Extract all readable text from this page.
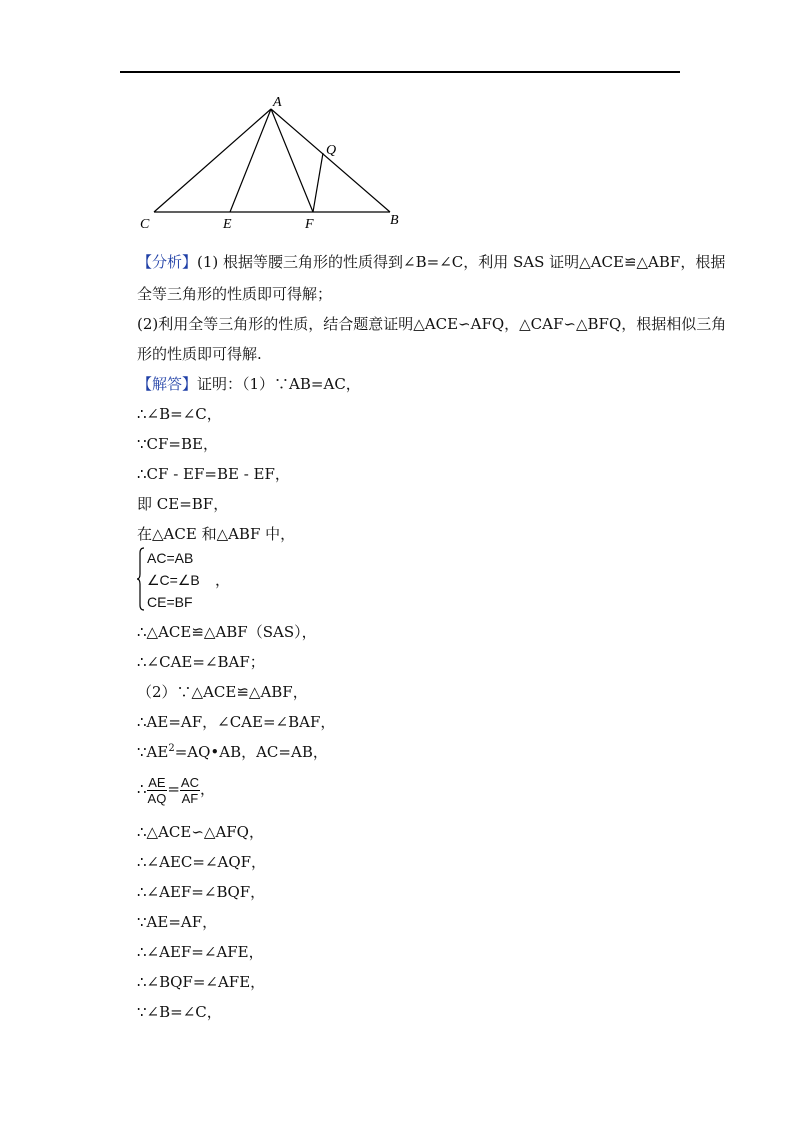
A
Q
C	E	F	B
【分析】(1) 根据等腰三角形的性质得到∠B=∠C，利用 SAS 证明△ACE≌△ABF，根据
全等三角形的性质即可得解；
(2)利用全等三角形的性质，结合题意证明△ACE∽AFQ，△CAF∽△BFQ，根据相似三角
形的性质即可得解.
【解答】证明：（1）∵AB=AC，
∴∠B=∠C，
∵CF=BE，
∴CF - EF=BE - EF，
即 CE=BF，
在△ACE 和△ABF 中，
AC=AB
∠C=∠B
CE=BF
，
∴△ACE≌△ABF（SAS），
∴∠CAE=∠BAF；
（2）∵△ACE≌△ABF，
∴AE=AF，∠CAE=∠BAF，
$\because AE^2=AQ•AB$，AC=AB，
∴ $\frac{AE}{AQ} = \frac{AC}{AF}$ ，
∴△ACE∽△AFQ，
∴∠AEC=∠AQF，
∴∠AEF=∠BQF，
∵AE=AF，
∴∠AEF=∠AFE，
∴∠BQF=∠AFE，
∵∠B=∠C，
